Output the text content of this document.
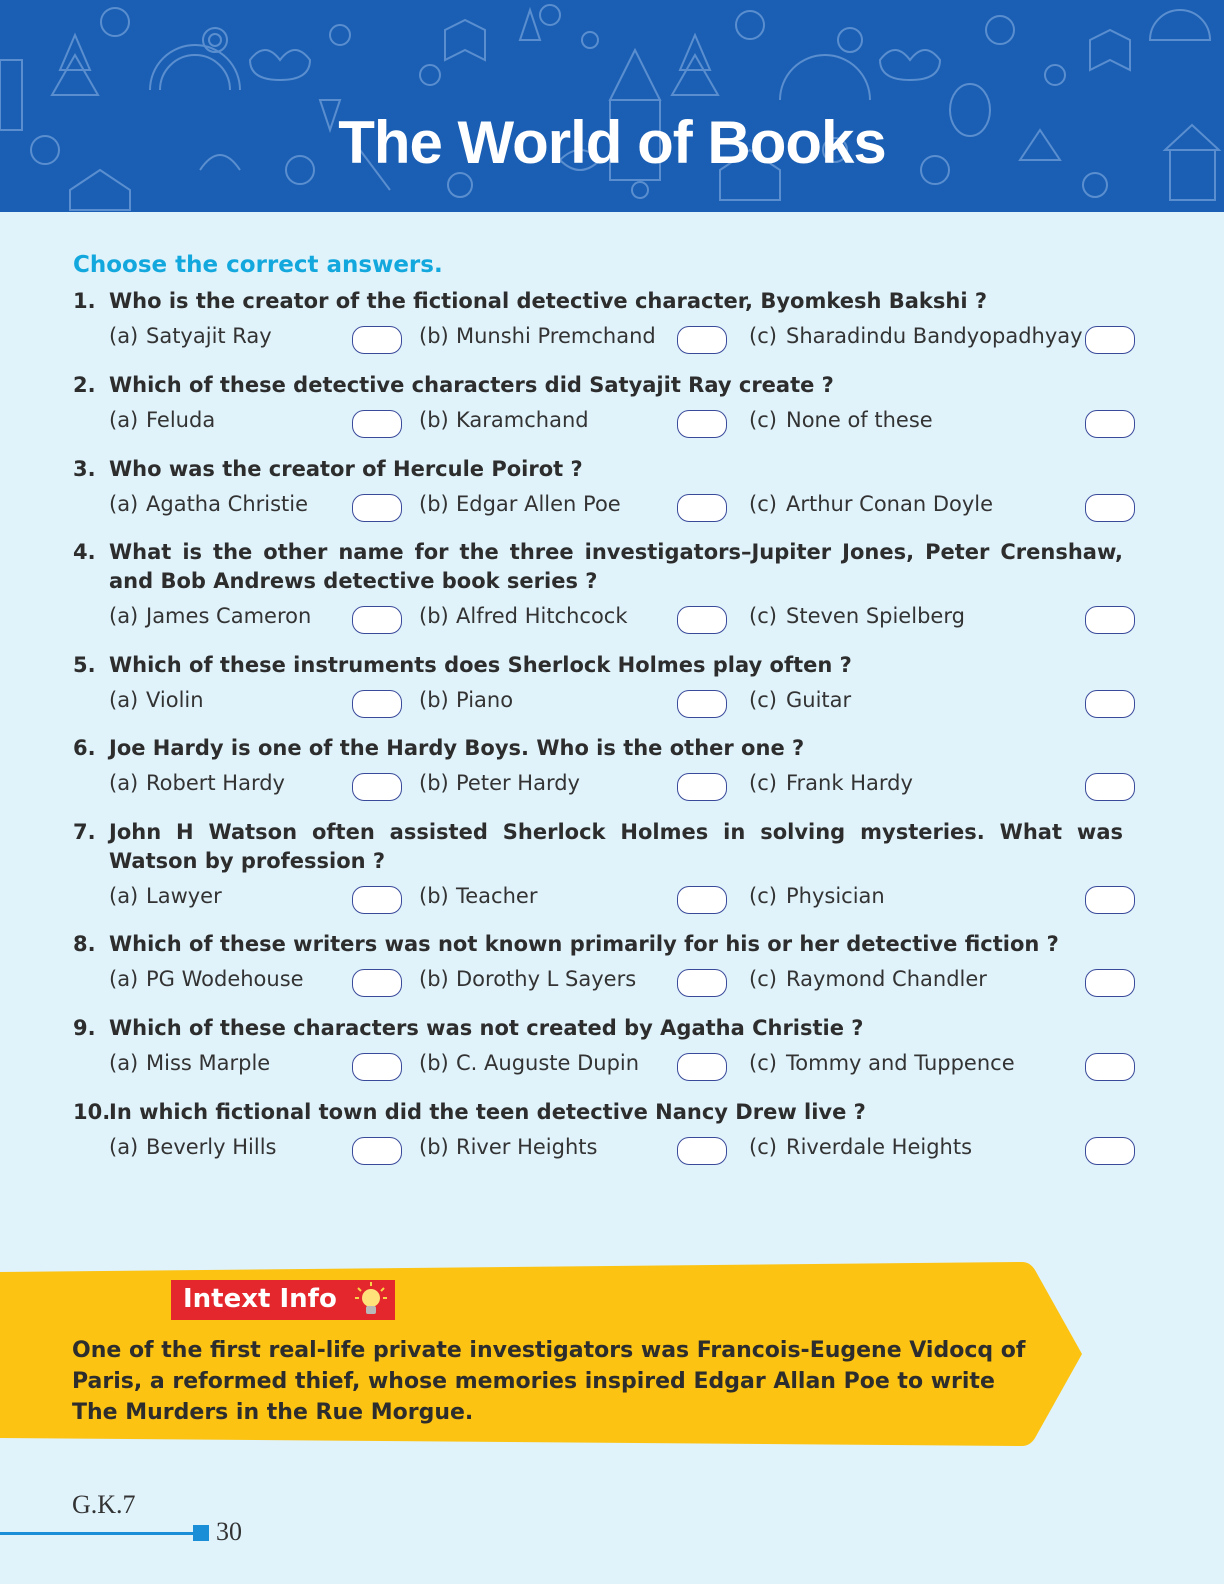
The World of Books
Choose the correct answers.
1. Who is the creator of the fictional detective character, Byomkesh Bakshi ?
(a) Satyajit Ray	(b) Munshi Premchand	(c) Sharadindu Bandyopadhyay
2. Which of these detective characters did Satyajit Ray create ?
(a) Feluda	(b) Karamchand	(c) None of these
3. Who was the creator of Hercule Poirot ?
(a) Agatha Christie	(b) Edgar Allen Poe	(c) Arthur Conan Doyle
4. What is the other name for the three investigators–Jupiter Jones, Peter Crenshaw, and Bob Andrews detective book series ?
(a) James Cameron	(b) Alfred Hitchcock	(c) Steven Spielberg
5. Which of these instruments does Sherlock Holmes play often ?
(a) Violin	(b) Piano	(c) Guitar
6. Joe Hardy is one of the Hardy Boys. Who is the other one ?
(a) Robert Hardy	(b) Peter Hardy	(c) Frank Hardy
7. John H Watson often assisted Sherlock Holmes in solving mysteries. What was Watson by profession ?
(a) Lawyer	(b) Teacher	(c) Physician
8. Which of these writers was not known primarily for his or her detective fiction ?
(a) PG Wodehouse	(b) Dorothy L Sayers	(c) Raymond Chandler
9. Which of these characters was not created by Agatha Christie ?
(a) Miss Marple	(b) C. Auguste Dupin	(c) Tommy and Tuppence
10.
In which fictional town did the teen detective Nancy Drew live ?
(a) Beverly Hills	(b) River Heights	(c) Riverdale Heights
Intext Info
One of the first real-life private investigators was Francois-Eugene Vidocq of Paris, a reformed thief, whose memories inspired Edgar Allan Poe to write The Murders in the Rue Morgue.
G.K.7
30
